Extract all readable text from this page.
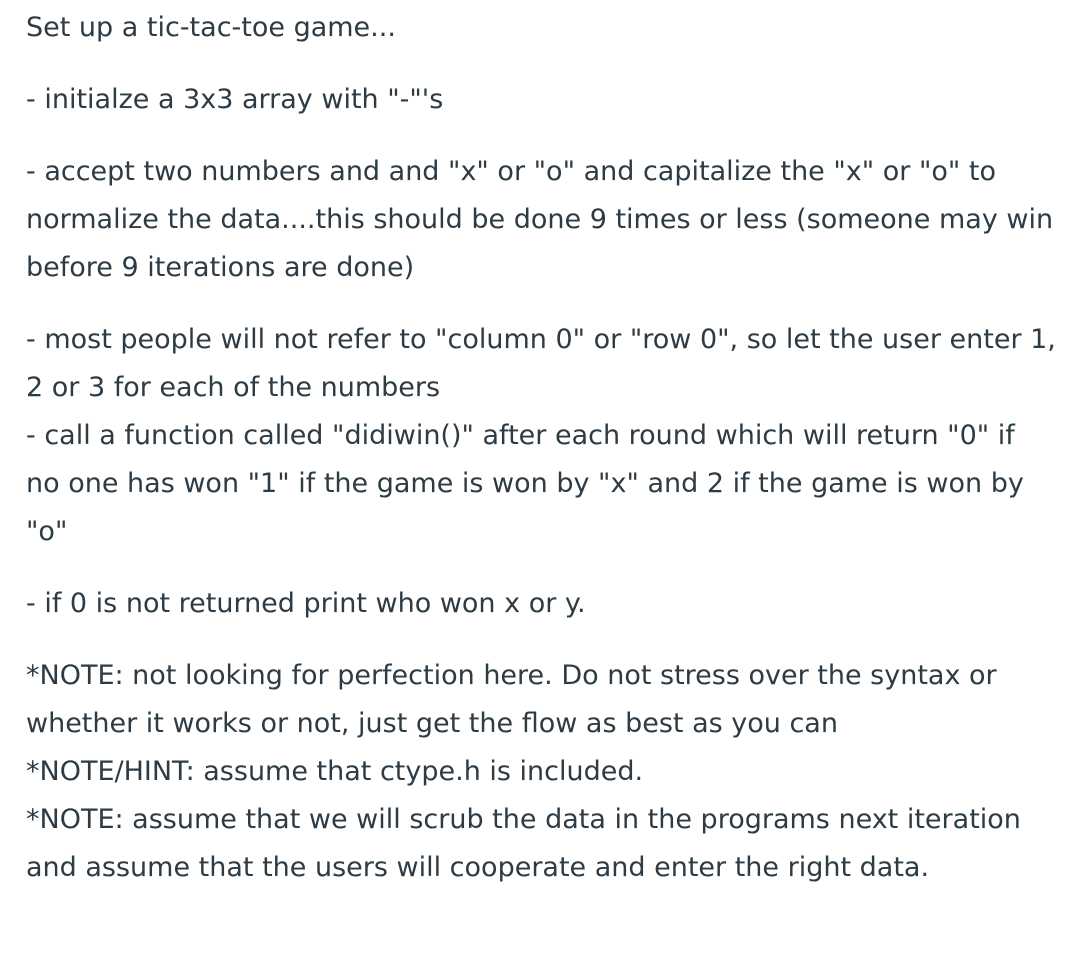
Set up a tic-tac-toe game...

- initialze a 3x3 array with "-"'s

- accept two numbers and and "x" or "o" and capitalize the "x" or "o" to normalize the data....this should be done 9 times or less (someone may win before 9 iterations are done)

- most people will not refer to "column 0" or "row 0", so let the user enter 1, 2 or 3 for each of the numbers

- call a function called "didiwin()" after each round which will return "0" if no one has won "1" if the game is won by "x" and 2 if the game is won by "o"

- if 0 is not returned print who won x or y.

*NOTE: not looking for perfection here. Do not stress over the syntax or whether it works or not, just get the flow as best as you can

*NOTE/HINT: assume that ctype.h is included.

*NOTE: assume that we will scrub the data in the programs next iteration and assume that the users will cooperate and enter the right data.
